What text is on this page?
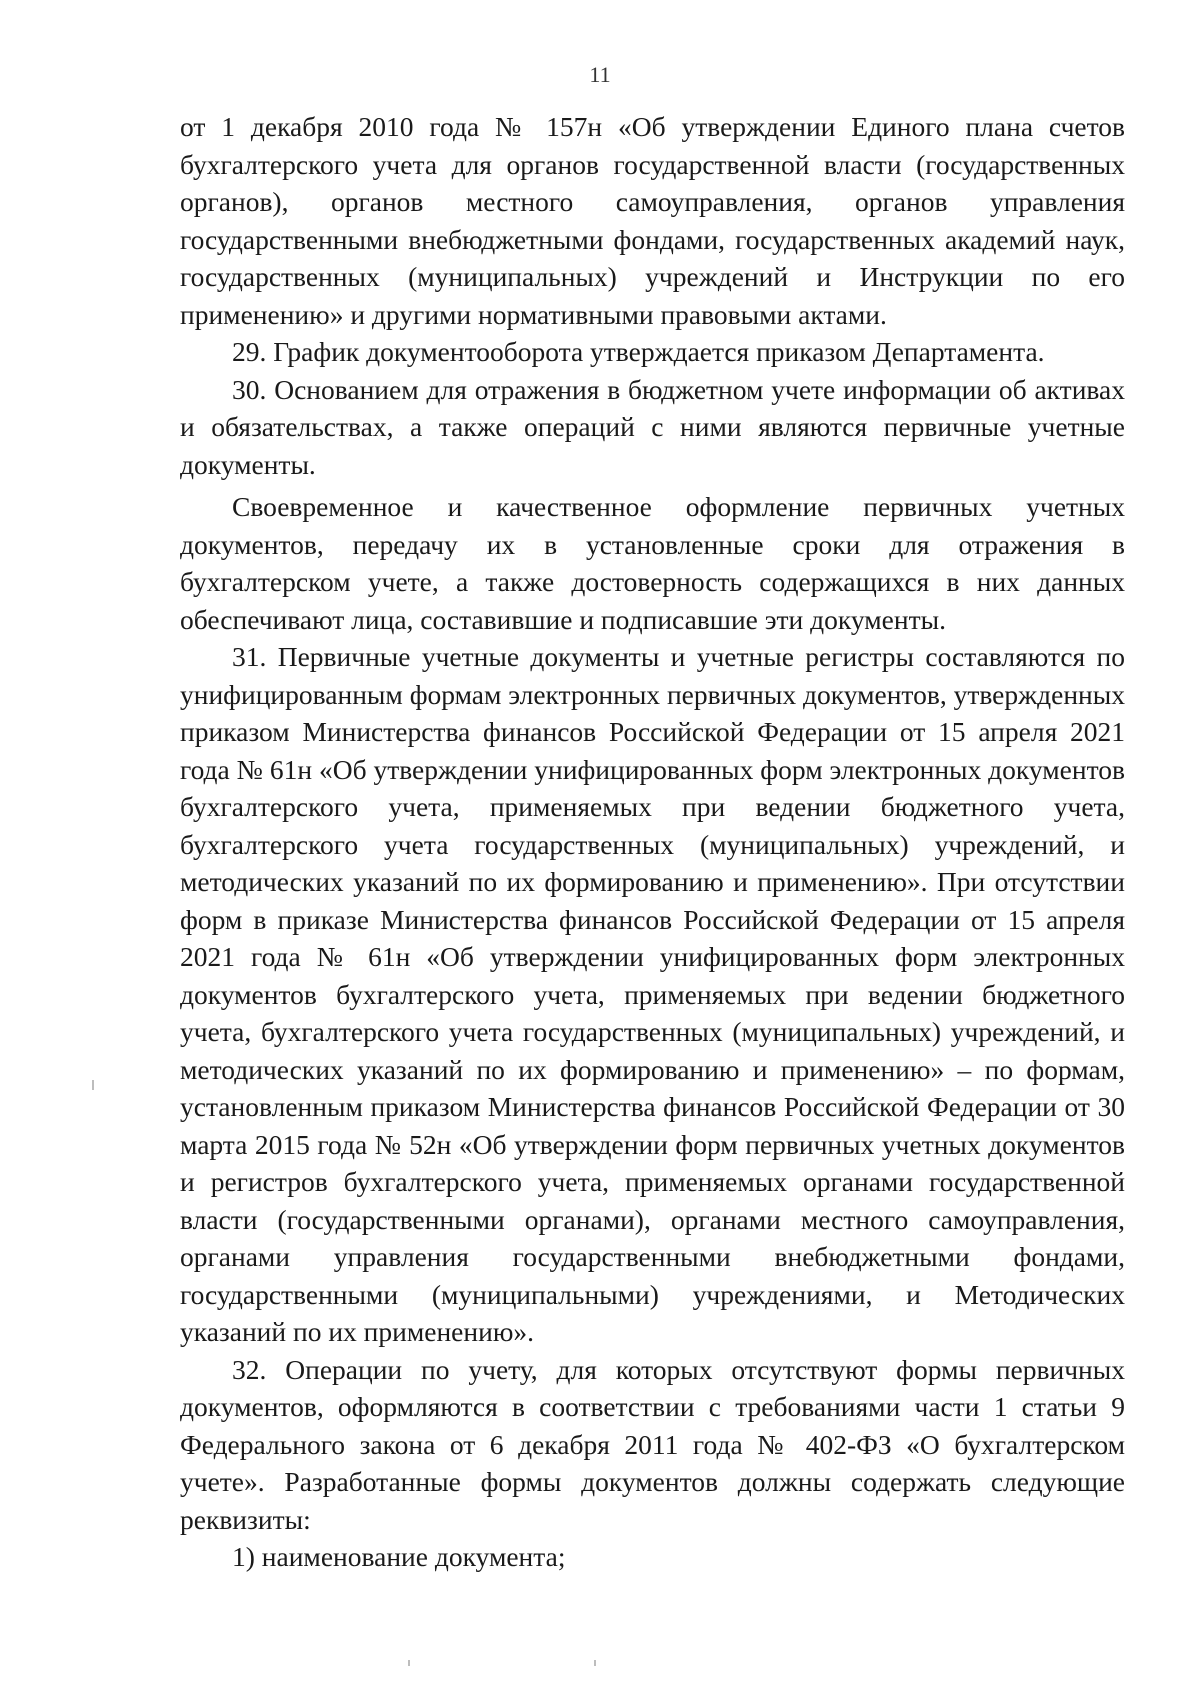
11

от 1 декабря 2010 года № 157н «Об утверждении Единого плана счетов бухгалтерского учета для органов государственной власти (государственных органов), органов местного самоуправления, органов управления государственными внебюджетными фондами, государственных академий наук, государственных (муниципальных) учреждений и Инструкции по его применению» и другими нормативными правовыми актами.

29. График документооборота утверждается приказом Департамента.

30. Основанием для отражения в бюджетном учете информации об активах и обязательствах, а также операций с ними являются первичные учетные документы.

Своевременное и качественное оформление первичных учетных документов, передачу их в установленные сроки для отражения в бухгалтерском учете, а также достоверность содержащихся в них данных обеспечивают лица, составившие и подписавшие эти документы.

31. Первичные учетные документы и учетные регистры составляются по унифицированным формам электронных первичных документов, утвержденных приказом Министерства финансов Российской Федерации от 15 апреля 2021 года № 61н «Об утверждении унифицированных форм электронных документов бухгалтерского учета, применяемых при ведении бюджетного учета, бухгалтерского учета государственных (муниципальных) учреждений, и методических указаний по их формированию и применению». При отсутствии форм в приказе Министерства финансов Российской Федерации от 15 апреля 2021 года № 61н «Об утверждении унифицированных форм электронных документов бухгалтерского учета, применяемых при ведении бюджетного учета, бухгалтерского учета государственных (муниципальных) учреждений, и методических указаний по их формированию и применению» – по формам, установленным приказом Министерства финансов Российской Федерации от 30 марта 2015 года № 52н «Об утверждении форм первичных учетных документов и регистров бухгалтерского учета, применяемых органами государственной власти (государственными органами), органами местного самоуправления, органами управления государственными внебюджетными фондами, государственными (муниципальными) учреждениями, и Методических указаний по их применению».

32. Операции по учету, для которых отсутствуют формы первичных документов, оформляются в соответствии с требованиями части 1 статьи 9 Федерального закона от 6 декабря 2011 года № 402-ФЗ «О бухгалтерском учете». Разработанные формы документов должны содержать следующие реквизиты:

1) наименование документа;
